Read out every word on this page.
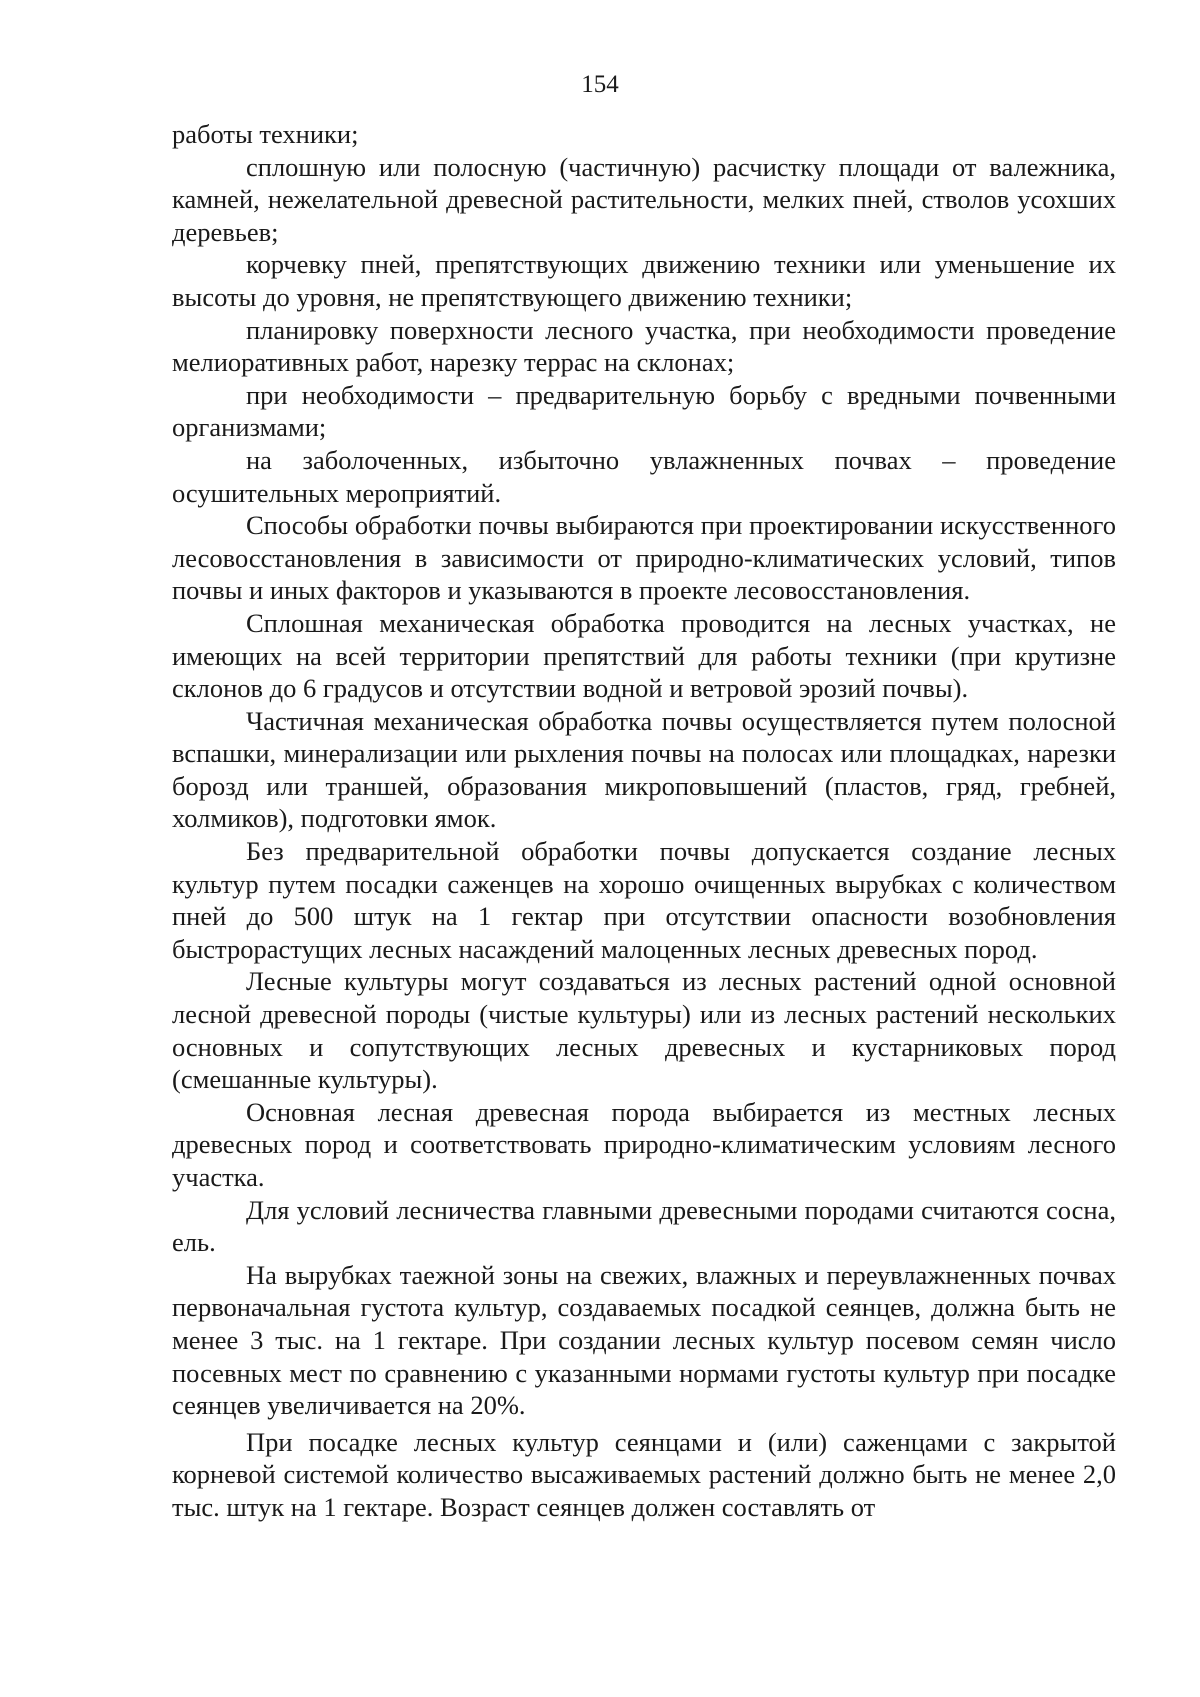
154

работы техники;

сплошную или полосную (частичную) расчистку площади от валежника, камней, нежелательной древесной растительности, мелких пней, стволов усохших деревьев;

корчевку пней, препятствующих движению техники или уменьшение их высоты до уровня, не препятствующего движению техники;

планировку поверхности лесного участка, при необходимости проведение мелиоративных работ, нарезку террас на склонах;

при необходимости – предварительную борьбу с вредными почвенными организмами;

на заболоченных, избыточно увлажненных почвах – проведение осушительных мероприятий.

Способы обработки почвы выбираются при проектировании искусственного лесовосстановления в зависимости от природно-климатических условий, типов почвы и иных факторов и указываются в проекте лесовосстановления.

Сплошная механическая обработка проводится на лесных участках, не имеющих на всей территории препятствий для работы техники (при крутизне склонов до 6 градусов и отсутствии водной и ветровой эрозий почвы).

Частичная механическая обработка почвы осуществляется путем полосной вспашки, минерализации или рыхления почвы на полосах или площадках, нарезки борозд или траншей, образования микроповышений (пластов, гряд, гребней, холмиков), подготовки ямок.

Без предварительной обработки почвы допускается создание лесных культур путем посадки саженцев на хорошо очищенных вырубках с количеством пней до 500 штук на 1 гектар при отсутствии опасности возобновления быстрорастущих лесных насаждений малоценных лесных древесных пород.

Лесные культуры могут создаваться из лесных растений одной основной лесной древесной породы (чистые культуры) или из лесных растений нескольких основных и сопутствующих лесных древесных и кустарниковых пород (смешанные культуры).

Основная лесная древесная порода выбирается из местных лесных древесных пород и соответствовать природно-климатическим условиям лесного участка.

Для условий лесничества главными древесными породами считаются сосна, ель.

На вырубках таежной зоны на свежих, влажных и переувлажненных почвах первоначальная густота культур, создаваемых посадкой сеянцев, должна быть не менее 3 тыс. на 1 гектаре. При создании лесных культур посевом семян число посевных мест по сравнению с указанными нормами густоты культур при посадке сеянцев увеличивается на 20%.

При посадке лесных культур сеянцами и (или) саженцами с закрытой корневой системой количество высаживаемых растений должно быть не менее 2,0 тыс. штук на 1 гектаре. Возраст сеянцев должен составлять от
